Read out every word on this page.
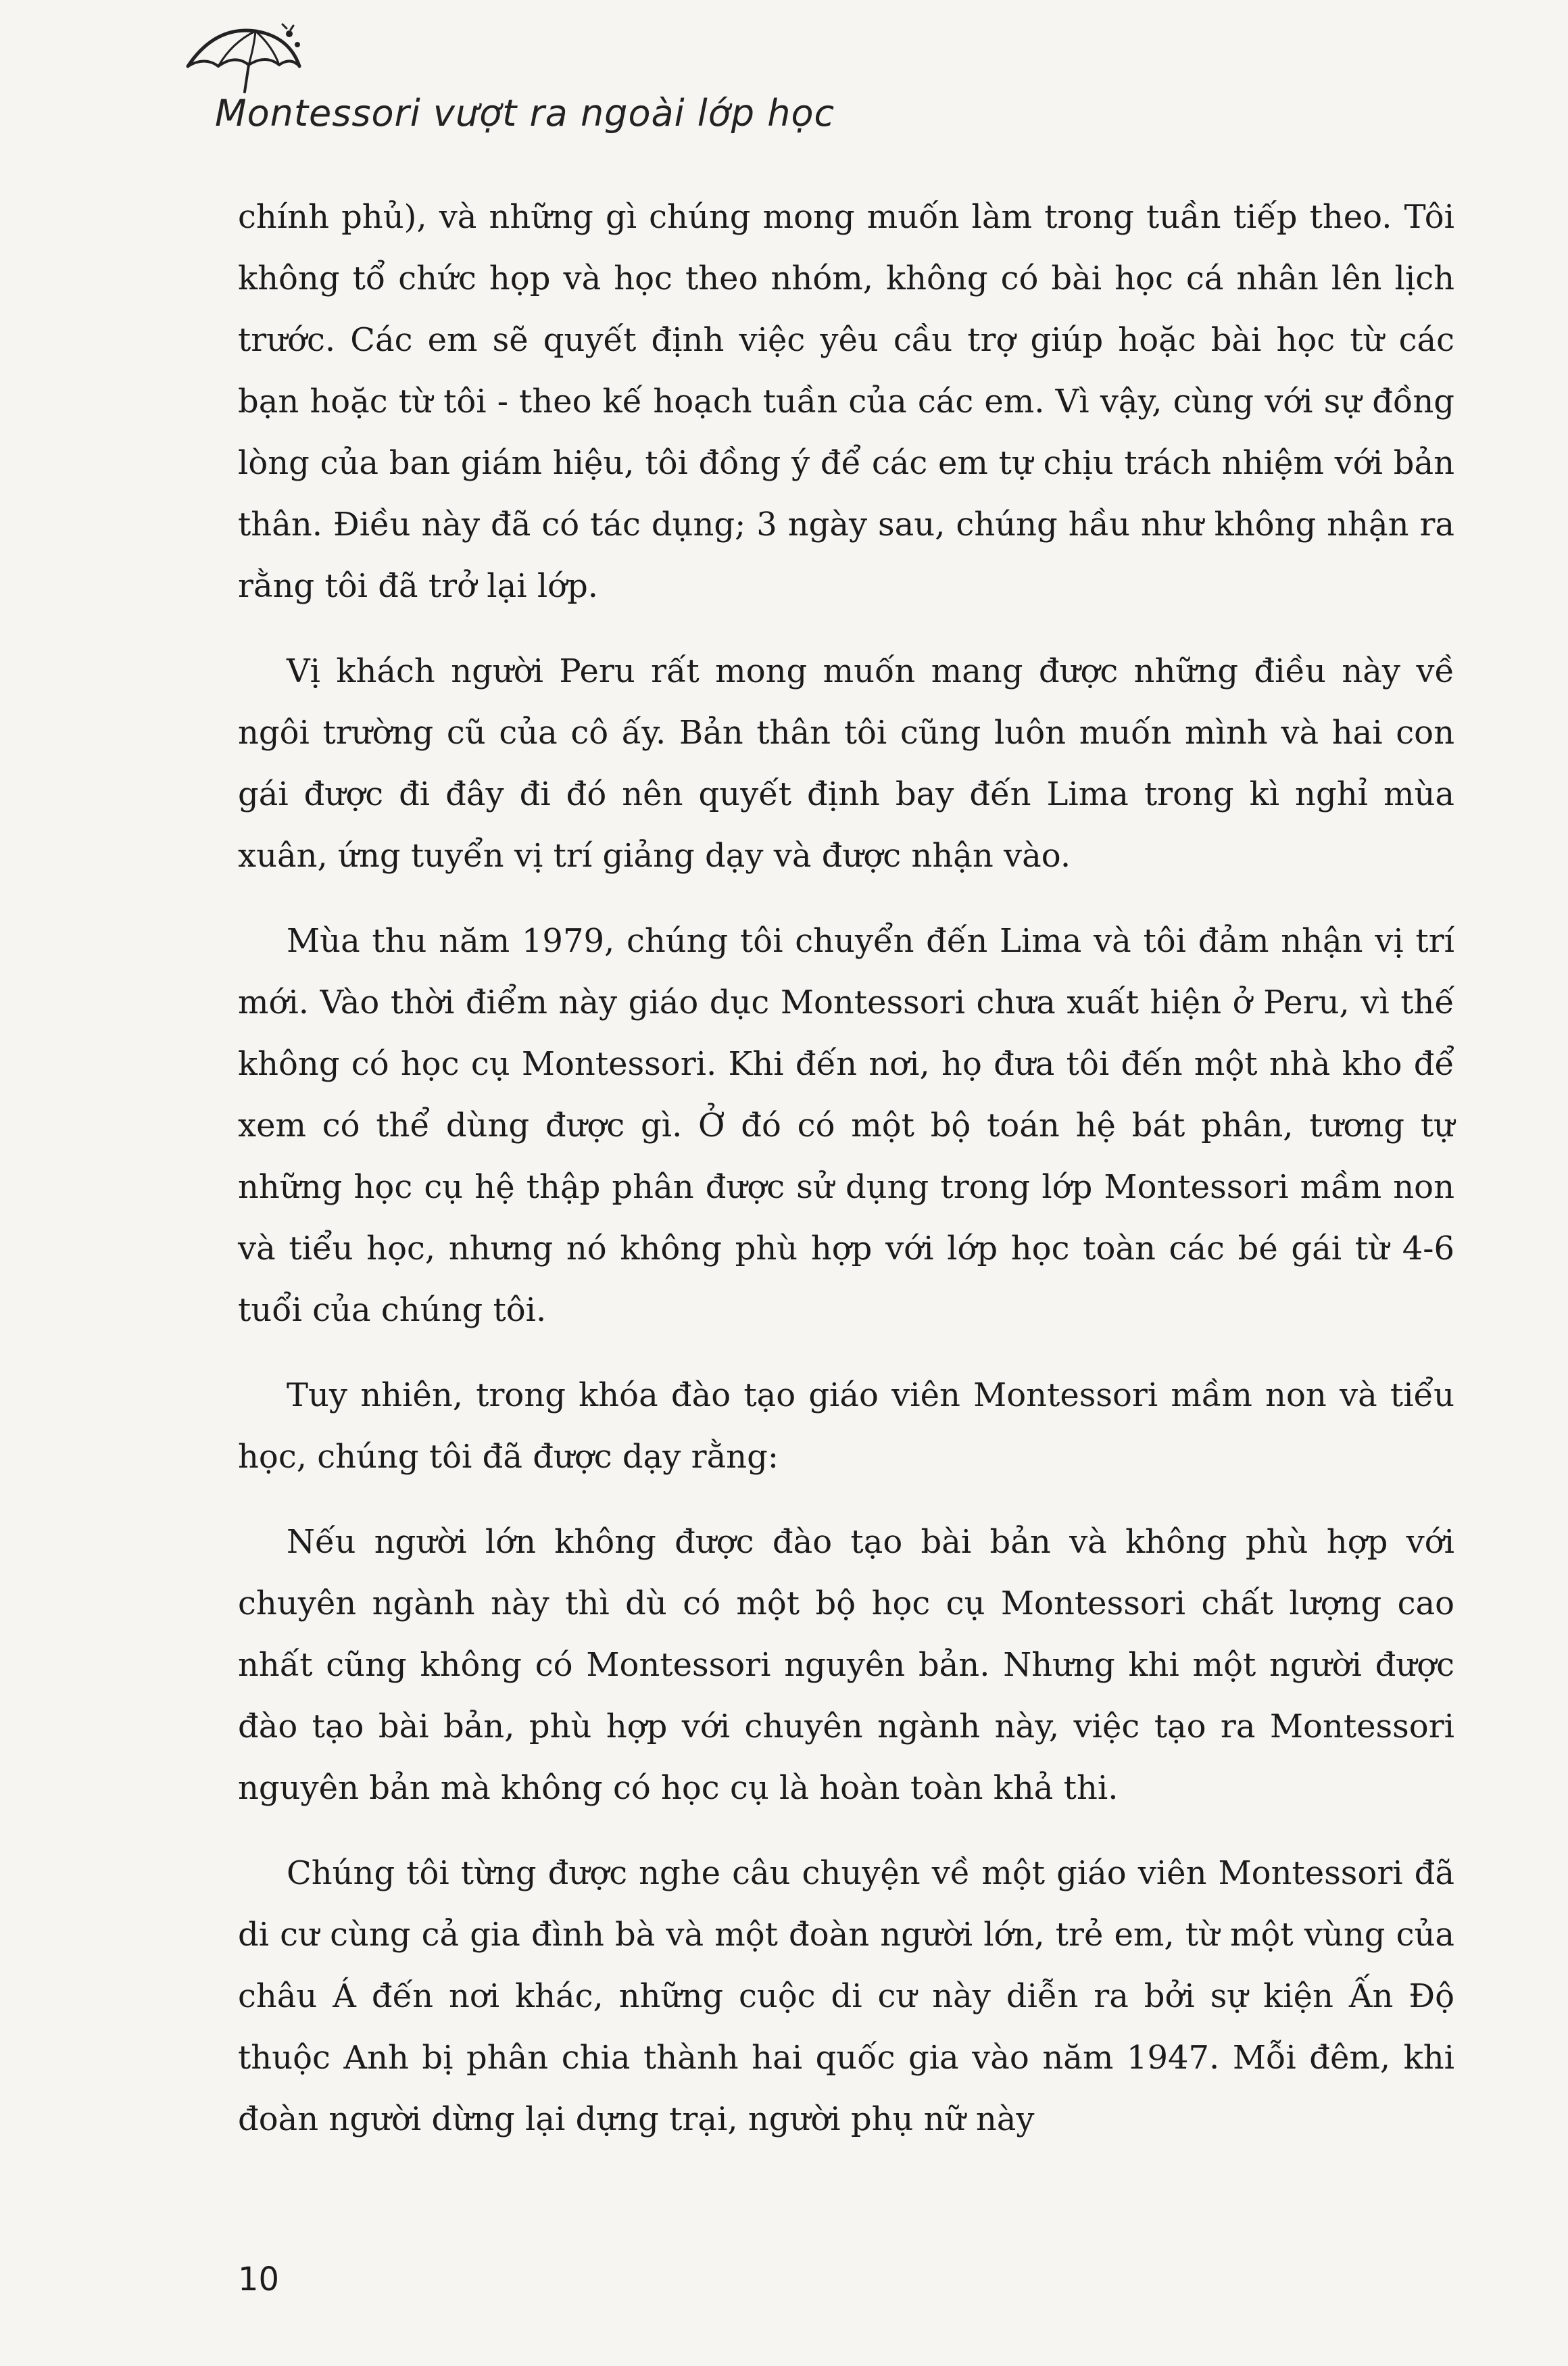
Montessori vượt ra ngoài lớp học

chính phủ), và những gì chúng mong muốn làm trong tuần tiếp theo. Tôi không tổ chức họp và học theo nhóm, không có bài học cá nhân lên lịch trước. Các em sẽ quyết định việc yêu cầu trợ giúp hoặc bài học từ các bạn hoặc từ tôi - theo kế hoạch tuần của các em. Vì vậy, cùng với sự đồng lòng của ban giám hiệu, tôi đồng ý để các em tự chịu trách nhiệm với bản thân. Điều này đã có tác dụng; 3 ngày sau, chúng hầu như không nhận ra rằng tôi đã trở lại lớp.

Vị khách người Peru rất mong muốn mang được những điều này về ngôi trường cũ của cô ấy. Bản thân tôi cũng luôn muốn mình và hai con gái được đi đây đi đó nên quyết định bay đến Lima trong kì nghỉ mùa xuân, ứng tuyển vị trí giảng dạy và được nhận vào.

Mùa thu năm 1979, chúng tôi chuyển đến Lima và tôi đảm nhận vị trí mới. Vào thời điểm này giáo dục Montessori chưa xuất hiện ở Peru, vì thế không có học cụ Montessori. Khi đến nơi, họ đưa tôi đến một nhà kho để xem có thể dùng được gì. Ở đó có một bộ toán hệ bát phân, tương tự những học cụ hệ thập phân được sử dụng trong lớp Montessori mầm non và tiểu học, nhưng nó không phù hợp với lớp học toàn các bé gái từ 4-6 tuổi của chúng tôi.

Tuy nhiên, trong khóa đào tạo giáo viên Montessori mầm non và tiểu học, chúng tôi đã được dạy rằng:

Nếu người lớn không được đào tạo bài bản và không phù hợp với chuyên ngành này thì dù có một bộ học cụ Montessori chất lượng cao nhất cũng không có Montessori nguyên bản. Nhưng khi một người được đào tạo bài bản, phù hợp với chuyên ngành này, việc tạo ra Montessori nguyên bản mà không có học cụ là hoàn toàn khả thi.

Chúng tôi từng được nghe câu chuyện về một giáo viên Montessori đã di cư cùng cả gia đình bà và một đoàn người lớn, trẻ em, từ một vùng của châu Á đến nơi khác, những cuộc di cư này diễn ra bởi sự kiện Ấn Độ thuộc Anh bị phân chia thành hai quốc gia vào năm 1947. Mỗi đêm, khi đoàn người dừng lại dựng trại, người phụ nữ này

10
